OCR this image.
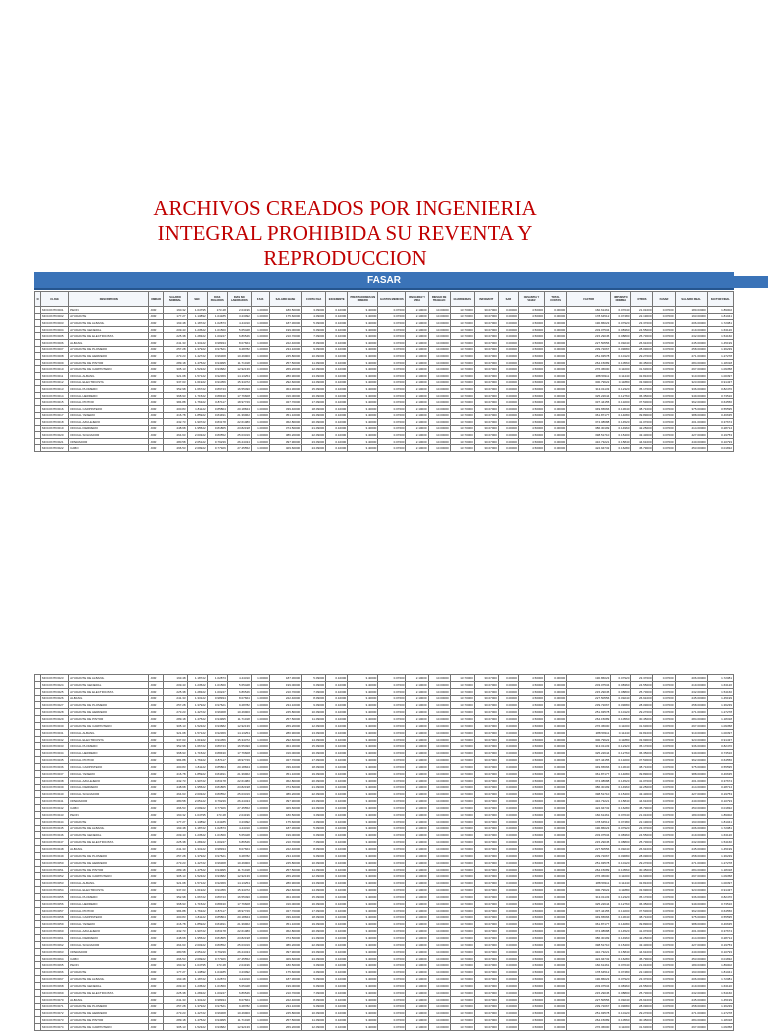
ARCHIVOS CREADOS POR INGENIERIA
INTEGRAL PROHIBIDA SU REVENTA Y
REPRODUCCION
FASAR
N	CLAVE	DESCRIPCION	UNIDAD	SALARIO NOMINAL	SBC	DIAS PAGADOS	DIAS NO LABORADOS	F.S.R.	SALARIO BASE	CUOTA FIJA	EXCEDENTE	PRESTACIONES EN DINERO	GASTOS MEDICOS	INVALIDEZ Y VIDA	RIESGO DE TRABAJO	GUARDERIAS	INFONAVIT	SAR	CESANTIA Y VEJEZ	TOTAL CUOTAS	FACTOR	IMPUESTO NOMINA	OTROS	FASAR	SALARIO REAL	FACTOR FINAL
	MOCONTIO001	PEON	JOR	160.32	1.04795	173.48	2.04196	1.00000	180.50000	3.09000	0.10000	3.40000	0.07000	2.10000	10.00000	13.70000	30.07000	0.00000	4.50000	0.00000	160.61461	0.07040	21.01000	0.07000	180.03000	1.89002
	MOCONTIO002	AYUDANTE	JOR	177.27	1.13892	1.04185	3.23092	1.00000	175.60000	4.09000	0.10000	3.40000	0.07000	2.10000	10.00000	13.70000	30.07000	0.00000	4.50000	0.00000	178.64512	0.07480	22.19000	0.07000	193.00000	1.81041
	MOCONTIO003	AYUDANTE DE ALBANIL	JOR	193.48	1.18722	1.02873	4.44310	1.00000	187.30000	5.09000	0.10000	3.40000	0.07000	2.10000	10.00000	13.70000	30.07000	0.00000	4.50000	0.00000	190.86023	0.07920	23.37000	0.07000	206.00000	1.72081
	MOCONTIO004	AYUDANTE GENERAL	JOR	209.43	1.23522	1.01560	5.65428	1.00000	199.00000	6.09000	0.10000	3.40000	0.07000	2.10000	10.00000	13.70000	30.07000	0.00000	4.50000	0.00000	203.07534	0.08360	24.55000	0.07000	219.00000	1.63120
	MOCONTIO005	AYUDANTE DE ELECTRICISTA	JOR	225.38	1.28322	1.00247	6.86546	1.00000	210.70000	7.09000	0.10000	3.40000	0.07000	2.10000	10.00000	13.70000	30.07000	0.00000	4.50000	0.00000	215.29045	0.08800	25.73000	0.07000	232.00000	1.54160
	MOCONTIO006	ALBANIL	JOR	241.33	1.33122	0.98934	8.07664	1.00000	222.40000	8.09000	0.10000	3.40000	0.07000	2.10000	10.00000	13.70000	30.07000	0.00000	4.50000	0.00000	227.50556	0.09240	26.91000	0.07000	245.00000	1.45199
	MOCONTIO007	AYUDANTE DE PLOMERO	JOR	257.28	1.37922	0.97621	9.28782	1.00000	234.10000	9.09000	0.10000	3.40000	0.07000	2.10000	10.00000	13.70000	30.07000	0.00000	4.50000	0.00000	239.72067	0.09680	28.09000	0.07000	258.00000	1.36239
	MOCONTIO008	AYUDANTE DE HERRERO	JOR	273.23	1.42722	0.96308	10.49900	1.00000	245.80000	10.09000	0.10000	3.40000	0.07000	2.10000	10.00000	13.70000	30.07000	0.00000	4.50000	0.00000	251.93578	0.10120	29.27000	0.07000	271.00000	1.27278
	MOCONTIO009	AYUDANTE DE PINTOR	JOR	289.18	1.47522	0.94995	11.71018	1.00000	257.50000	11.09000	0.10000	3.40000	0.07000	2.10000	10.00000	13.70000	30.07000	0.00000	4.50000	0.00000	264.15089	0.10560	30.45000	0.07000	284.00000	1.18318
	MOCONTIO010	AYUDANTE DE CARPINTERO	JOR	305.13	1.52322	0.93682	12.92136	1.00000	269.20000	12.09000	0.10000	3.40000	0.07000	2.10000	10.00000	13.70000	30.07000	0.00000	4.50000	0.00000	276.36600	0.11000	31.63000	0.07000	297.00000	1.09358
	MOCONTIO011	OFICIAL ALBANIL	JOR	321.08	1.57122	0.92369	14.13254	1.00000	280.90000	13.09000	0.10000	3.40000	0.07000	2.10000	10.00000	13.70000	30.07000	0.00000	4.50000	0.00000	288.58111	0.11440	32.81000	0.07000	310.00000	1.00397
	MOCONTIO012	OFICIAL ELECTRICISTA	JOR	337.03	1.61922	0.91056	15.34372	1.00000	292.60000	14.09000	0.10000	3.40000	0.07000	2.10000	10.00000	13.70000	30.07000	0.00000	4.50000	0.00000	300.79622	0.11880	33.99000	0.07000	323.00000	0.91437
	MOCONTIO013	OFICIAL PLOMERO	JOR	352.98	1.66722	0.89743	16.55490	1.00000	304.30000	15.09000	0.10000	3.40000	0.07000	2.10000	10.00000	13.70000	30.07000	0.00000	4.50000	0.00000	313.01133	0.12320	35.17000	0.07000	336.00000	0.82476
	MOCONTIO014	OFICIAL HERRERO	JOR	368.93	1.71522	0.88430	17.76608	1.00000	316.00000	16.09000	0.10000	3.40000	0.07000	2.10000	10.00000	13.70000	30.07000	0.00000	4.50000	0.00000	325.22644	0.12760	36.35000	0.07000	349.00000	0.73516
	MOCONTIO015	OFICIAL PINTOR	JOR	384.88	1.76322	0.87117	18.97726	1.00000	327.70000	17.09000	0.10000	3.40000	0.07000	2.10000	10.00000	13.70000	30.07000	0.00000	4.50000	0.00000	337.44155	0.13200	37.53000	0.07000	362.00000	0.64556
	MOCONTIO016	OFICIAL CARPINTERO	JOR	400.83	1.81122	0.85804	20.18844	1.00000	339.40000	18.09000	0.10000	3.40000	0.07000	2.10000	10.00000	13.70000	30.07000	0.00000	4.50000	0.00000	349.65666	0.13640	38.71000	0.07000	375.00000	0.55595
	MOCONTIO017	OFICIAL YESERO	JOR	416.78	1.85922	0.84491	21.39962	1.00000	351.10000	19.09000	0.10000	3.40000	0.07000	2.10000	10.00000	13.70000	30.07000	0.00000	4.50000	0.00000	361.87177	0.14080	39.89000	0.07000	388.00000	0.46635
	MOCONTIO018	OFICIAL AZULEJERO	JOR	432.73	1.90722	0.83178	22.61080	1.00000	362.80000	20.09000	0.10000	3.40000	0.07000	2.10000	10.00000	13.70000	30.07000	0.00000	4.50000	0.00000	374.08688	0.14520	41.07000	0.07000	401.00000	0.37674
	MOCONTIO019	OFICIAL FIERRERO	JOR	448.68	1.95522	0.81865	23.82198	1.00000	374.50000	21.09000	0.10000	3.40000	0.07000	2.10000	10.00000	13.70000	30.07000	0.00000	4.50000	0.00000	386.30199	0.14960	42.25000	0.07000	414.00000	0.28714
	MOCONTIO020	OFICIAL SOLDADOR	JOR	464.63	2.00322	0.80552	25.03316	1.00000	386.20000	22.09000	0.10000	3.40000	0.07000	2.10000	10.00000	13.70000	30.07000	0.00000	4.50000	0.00000	398.51710	0.15400	43.43000	0.07000	427.00000	0.19753
	MOCONTIO021	OPERADOR	JOR	480.58	2.05122	0.79239	26.24434	1.00000	397.90000	23.09000	0.10000	3.40000	0.07000	2.10000	10.00000	13.70000	30.07000	0.00000	4.50000	0.00000	410.73221	0.15840	44.61000	0.07000	440.00000	0.10793
	MOCONTIO022	CABO	JOR	496.53	2.09922	0.77926	27.45552	1.00000	409.60000	24.09000	0.10000	3.40000	0.07000	2.10000	10.00000	13.70000	30.07000	0.00000	4.50000	0.00000	422.94732	0.16280	45.79000	0.07000	453.00000	0.01832
	MOCONTIO023	AYUDANTE DE ALBANIL	JOR	193.48	1.18722	1.02873	4.44310	1.00000	187.30000	5.09000	0.10000	3.40000	0.07000	2.10000	10.00000	13.70000	30.07000	0.00000	4.50000	0.00000	190.86023	0.07920	23.37000	0.07000	206.00000	1.72081
	MOCONTIO024	AYUDANTE GENERAL	JOR	209.43	1.23522	1.01560	5.65428	1.00000	199.00000	6.09000	0.10000	3.40000	0.07000	2.10000	10.00000	13.70000	30.07000	0.00000	4.50000	0.00000	203.07534	0.08360	24.55000	0.07000	219.00000	1.63120
	MOCONTIO025	AYUDANTE DE ELECTRICISTA	JOR	225.38	1.28322	1.00247	6.86546	1.00000	210.70000	7.09000	0.10000	3.40000	0.07000	2.10000	10.00000	13.70000	30.07000	0.00000	4.50000	0.00000	215.29045	0.08800	25.73000	0.07000	232.00000	1.54160
	MOCONTIO026	ALBANIL	JOR	241.33	1.33122	0.98934	8.07664	1.00000	222.40000	8.09000	0.10000	3.40000	0.07000	2.10000	10.00000	13.70000	30.07000	0.00000	4.50000	0.00000	227.50556	0.09240	26.91000	0.07000	245.00000	1.45199
	MOCONTIO027	AYUDANTE DE PLOMERO	JOR	257.28	1.37922	0.97621	9.28782	1.00000	234.10000	9.09000	0.10000	3.40000	0.07000	2.10000	10.00000	13.70000	30.07000	0.00000	4.50000	0.00000	239.72067	0.09680	28.09000	0.07000	258.00000	1.36239
	MOCONTIO028	AYUDANTE DE HERRERO	JOR	273.23	1.42722	0.96308	10.49900	1.00000	245.80000	10.09000	0.10000	3.40000	0.07000	2.10000	10.00000	13.70000	30.07000	0.00000	4.50000	0.00000	251.93578	0.10120	29.27000	0.07000	271.00000	1.27278
	MOCONTIO029	AYUDANTE DE PINTOR	JOR	289.18	1.47522	0.94995	11.71018	1.00000	257.50000	11.09000	0.10000	3.40000	0.07000	2.10000	10.00000	13.70000	30.07000	0.00000	4.50000	0.00000	264.15089	0.10560	30.45000	0.07000	284.00000	1.18318
	MOCONTIO030	AYUDANTE DE CARPINTERO	JOR	305.13	1.52322	0.93682	12.92136	1.00000	269.20000	12.09000	0.10000	3.40000	0.07000	2.10000	10.00000	13.70000	30.07000	0.00000	4.50000	0.00000	276.36600	0.11000	31.63000	0.07000	297.00000	1.09358
	MOCONTIO031	OFICIAL ALBANIL	JOR	321.08	1.57122	0.92369	14.13254	1.00000	280.90000	13.09000	0.10000	3.40000	0.07000	2.10000	10.00000	13.70000	30.07000	0.00000	4.50000	0.00000	288.58111	0.11440	32.81000	0.07000	310.00000	1.00397
	MOCONTIO032	OFICIAL ELECTRICISTA	JOR	337.03	1.61922	0.91056	15.34372	1.00000	292.60000	14.09000	0.10000	3.40000	0.07000	2.10000	10.00000	13.70000	30.07000	0.00000	4.50000	0.00000	300.79622	0.11880	33.99000	0.07000	323.00000	0.91437
	MOCONTIO033	OFICIAL PLOMERO	JOR	352.98	1.66722	0.89743	16.55490	1.00000	304.30000	15.09000	0.10000	3.40000	0.07000	2.10000	10.00000	13.70000	30.07000	0.00000	4.50000	0.00000	313.01133	0.12320	35.17000	0.07000	336.00000	0.82476
	MOCONTIO034	OFICIAL HERRERO	JOR	368.93	1.71522	0.88430	17.76608	1.00000	316.00000	16.09000	0.10000	3.40000	0.07000	2.10000	10.00000	13.70000	30.07000	0.00000	4.50000	0.00000	325.22644	0.12760	36.35000	0.07000	349.00000	0.73516
	MOCONTIO035	OFICIAL PINTOR	JOR	384.88	1.76322	0.87117	18.97726	1.00000	327.70000	17.09000	0.10000	3.40000	0.07000	2.10000	10.00000	13.70000	30.07000	0.00000	4.50000	0.00000	337.44155	0.13200	37.53000	0.07000	362.00000	0.64556
	MOCONTIO036	OFICIAL CARPINTERO	JOR	400.83	1.81122	0.85804	20.18844	1.00000	339.40000	18.09000	0.10000	3.40000	0.07000	2.10000	10.00000	13.70000	30.07000	0.00000	4.50000	0.00000	349.65666	0.13640	38.71000	0.07000	375.00000	0.55595
	MOCONTIO037	OFICIAL YESERO	JOR	416.78	1.85922	0.84491	21.39962	1.00000	351.10000	19.09000	0.10000	3.40000	0.07000	2.10000	10.00000	13.70000	30.07000	0.00000	4.50000	0.00000	361.87177	0.14080	39.89000	0.07000	388.00000	0.46635
	MOCONTIO038	OFICIAL AZULEJERO	JOR	432.73	1.90722	0.83178	22.61080	1.00000	362.80000	20.09000	0.10000	3.40000	0.07000	2.10000	10.00000	13.70000	30.07000	0.00000	4.50000	0.00000	374.08688	0.14520	41.07000	0.07000	401.00000	0.37674
	MOCONTIO039	OFICIAL FIERRERO	JOR	448.68	1.95522	0.81865	23.82198	1.00000	374.50000	21.09000	0.10000	3.40000	0.07000	2.10000	10.00000	13.70000	30.07000	0.00000	4.50000	0.00000	386.30199	0.14960	42.25000	0.07000	414.00000	0.28714
	MOCONTIO040	OFICIAL SOLDADOR	JOR	464.63	2.00322	0.80552	25.03316	1.00000	386.20000	22.09000	0.10000	3.40000	0.07000	2.10000	10.00000	13.70000	30.07000	0.00000	4.50000	0.00000	398.51710	0.15400	43.43000	0.07000	427.00000	0.19753
	MOCONTIO041	OPERADOR	JOR	480.58	2.05122	0.79239	26.24434	1.00000	397.90000	23.09000	0.10000	3.40000	0.07000	2.10000	10.00000	13.70000	30.07000	0.00000	4.50000	0.00000	410.73221	0.15840	44.61000	0.07000	440.00000	0.10793
	MOCONTIO042	CABO	JOR	496.53	2.09922	0.77926	27.45552	1.00000	409.60000	24.09000	0.10000	3.40000	0.07000	2.10000	10.00000	13.70000	30.07000	0.00000	4.50000	0.00000	422.94732	0.16280	45.79000	0.07000	453.00000	0.01832
	MOCONTIO043	PEON	JOR	160.32	1.04795	173.48	2.04196	1.00000	180.50000	3.09000	0.10000	3.40000	0.07000	2.10000	10.00000	13.70000	30.07000	0.00000	4.50000	0.00000	160.61461	0.07040	21.01000	0.07000	180.03000	1.89002
	MOCONTIO044	AYUDANTE	JOR	177.27	1.13892	1.04185	3.23092	1.00000	175.60000	4.09000	0.10000	3.40000	0.07000	2.10000	10.00000	13.70000	30.07000	0.00000	4.50000	0.00000	178.64512	0.07480	22.19000	0.07000	193.00000	1.81041
	MOCONTIO045	AYUDANTE DE ALBANIL	JOR	193.48	1.18722	1.02873	4.44310	1.00000	187.30000	5.09000	0.10000	3.40000	0.07000	2.10000	10.00000	13.70000	30.07000	0.00000	4.50000	0.00000	190.86023	0.07920	23.37000	0.07000	206.00000	1.72081
	MOCONTIO046	AYUDANTE GENERAL	JOR	209.43	1.23522	1.01560	5.65428	1.00000	199.00000	6.09000	0.10000	3.40000	0.07000	2.10000	10.00000	13.70000	30.07000	0.00000	4.50000	0.00000	203.07534	0.08360	24.55000	0.07000	219.00000	1.63120
	MOCONTIO047	AYUDANTE DE ELECTRICISTA	JOR	225.38	1.28322	1.00247	6.86546	1.00000	210.70000	7.09000	0.10000	3.40000	0.07000	2.10000	10.00000	13.70000	30.07000	0.00000	4.50000	0.00000	215.29045	0.08800	25.73000	0.07000	232.00000	1.54160
	MOCONTIO048	ALBANIL	JOR	241.33	1.33122	0.98934	8.07664	1.00000	222.40000	8.09000	0.10000	3.40000	0.07000	2.10000	10.00000	13.70000	30.07000	0.00000	4.50000	0.00000	227.50556	0.09240	26.91000	0.07000	245.00000	1.45199
	MOCONTIO049	AYUDANTE DE PLOMERO	JOR	257.28	1.37922	0.97621	9.28782	1.00000	234.10000	9.09000	0.10000	3.40000	0.07000	2.10000	10.00000	13.70000	30.07000	0.00000	4.50000	0.00000	239.72067	0.09680	28.09000	0.07000	258.00000	1.36239
	MOCONTIO050	AYUDANTE DE HERRERO	JOR	273.23	1.42722	0.96308	10.49900	1.00000	245.80000	10.09000	0.10000	3.40000	0.07000	2.10000	10.00000	13.70000	30.07000	0.00000	4.50000	0.00000	251.93578	0.10120	29.27000	0.07000	271.00000	1.27278
	MOCONTIO051	AYUDANTE DE PINTOR	JOR	289.18	1.47522	0.94995	11.71018	1.00000	257.50000	11.09000	0.10000	3.40000	0.07000	2.10000	10.00000	13.70000	30.07000	0.00000	4.50000	0.00000	264.15089	0.10560	30.45000	0.07000	284.00000	1.18318
	MOCONTIO052	AYUDANTE DE CARPINTERO	JOR	305.13	1.52322	0.93682	12.92136	1.00000	269.20000	12.09000	0.10000	3.40000	0.07000	2.10000	10.00000	13.70000	30.07000	0.00000	4.50000	0.00000	276.36600	0.11000	31.63000	0.07000	297.00000	1.09358
	MOCONTIO053	OFICIAL ALBANIL	JOR	321.08	1.57122	0.92369	14.13254	1.00000	280.90000	13.09000	0.10000	3.40000	0.07000	2.10000	10.00000	13.70000	30.07000	0.00000	4.50000	0.00000	288.58111	0.11440	32.81000	0.07000	310.00000	1.00397
	MOCONTIO054	OFICIAL ELECTRICISTA	JOR	337.03	1.61922	0.91056	15.34372	1.00000	292.60000	14.09000	0.10000	3.40000	0.07000	2.10000	10.00000	13.70000	30.07000	0.00000	4.50000	0.00000	300.79622	0.11880	33.99000	0.07000	323.00000	0.91437
	MOCONTIO055	OFICIAL PLOMERO	JOR	352.98	1.66722	0.89743	16.55490	1.00000	304.30000	15.09000	0.10000	3.40000	0.07000	2.10000	10.00000	13.70000	30.07000	0.00000	4.50000	0.00000	313.01133	0.12320	35.17000	0.07000	336.00000	0.82476
	MOCONTIO056	OFICIAL HERRERO	JOR	368.93	1.71522	0.88430	17.76608	1.00000	316.00000	16.09000	0.10000	3.40000	0.07000	2.10000	10.00000	13.70000	30.07000	0.00000	4.50000	0.00000	325.22644	0.12760	36.35000	0.07000	349.00000	0.73516
	MOCONTIO057	OFICIAL PINTOR	JOR	384.88	1.76322	0.87117	18.97726	1.00000	327.70000	17.09000	0.10000	3.40000	0.07000	2.10000	10.00000	13.70000	30.07000	0.00000	4.50000	0.00000	337.44155	0.13200	37.53000	0.07000	362.00000	0.64556
	MOCONTIO058	OFICIAL CARPINTERO	JOR	400.83	1.81122	0.85804	20.18844	1.00000	339.40000	18.09000	0.10000	3.40000	0.07000	2.10000	10.00000	13.70000	30.07000	0.00000	4.50000	0.00000	349.65666	0.13640	38.71000	0.07000	375.00000	0.55595
	MOCONTIO059	OFICIAL YESERO	JOR	416.78	1.85922	0.84491	21.39962	1.00000	351.10000	19.09000	0.10000	3.40000	0.07000	2.10000	10.00000	13.70000	30.07000	0.00000	4.50000	0.00000	361.87177	0.14080	39.89000	0.07000	388.00000	0.46635
	MOCONTIO060	OFICIAL AZULEJERO	JOR	432.73	1.90722	0.83178	22.61080	1.00000	362.80000	20.09000	0.10000	3.40000	0.07000	2.10000	10.00000	13.70000	30.07000	0.00000	4.50000	0.00000	374.08688	0.14520	41.07000	0.07000	401.00000	0.37674
	MOCONTIO061	OFICIAL FIERRERO	JOR	448.68	1.95522	0.81865	23.82198	1.00000	374.50000	21.09000	0.10000	3.40000	0.07000	2.10000	10.00000	13.70000	30.07000	0.00000	4.50000	0.00000	386.30199	0.14960	42.25000	0.07000	414.00000	0.28714
	MOCONTIO062	OFICIAL SOLDADOR	JOR	464.63	2.00322	0.80552	25.03316	1.00000	386.20000	22.09000	0.10000	3.40000	0.07000	2.10000	10.00000	13.70000	30.07000	0.00000	4.50000	0.00000	398.51710	0.15400	43.43000	0.07000	427.00000	0.19753
	MOCONTIO063	OPERADOR	JOR	480.58	2.05122	0.79239	26.24434	1.00000	397.90000	23.09000	0.10000	3.40000	0.07000	2.10000	10.00000	13.70000	30.07000	0.00000	4.50000	0.00000	410.73221	0.15840	44.61000	0.07000	440.00000	0.10793
	MOCONTIO064	CABO	JOR	496.53	2.09922	0.77926	27.45552	1.00000	409.60000	24.09000	0.10000	3.40000	0.07000	2.10000	10.00000	13.70000	30.07000	0.00000	4.50000	0.00000	422.94732	0.16280	45.79000	0.07000	453.00000	0.01832
	MOCONTIO065	PEON	JOR	160.32	1.04795	173.48	2.04196	1.00000	180.50000	3.09000	0.10000	3.40000	0.07000	2.10000	10.00000	13.70000	30.07000	0.00000	4.50000	0.00000	160.61461	0.07040	21.01000	0.07000	180.03000	1.89002
	MOCONTIO066	AYUDANTE	JOR	177.27	1.13892	1.04185	3.23092	1.00000	175.60000	4.09000	0.10000	3.40000	0.07000	2.10000	10.00000	13.70000	30.07000	0.00000	4.50000	0.00000	178.64512	0.07480	22.19000	0.07000	193.00000	1.81041
	MOCONTIO067	AYUDANTE DE ALBANIL	JOR	193.48	1.18722	1.02873	4.44310	1.00000	187.30000	5.09000	0.10000	3.40000	0.07000	2.10000	10.00000	13.70000	30.07000	0.00000	4.50000	0.00000	190.86023	0.07920	23.37000	0.07000	206.00000	1.72081
	MOCONTIO068	AYUDANTE GENERAL	JOR	209.43	1.23522	1.01560	5.65428	1.00000	199.00000	6.09000	0.10000	3.40000	0.07000	2.10000	10.00000	13.70000	30.07000	0.00000	4.50000	0.00000	203.07534	0.08360	24.55000	0.07000	219.00000	1.63120
	MOCONTIO069	AYUDANTE DE ELECTRICISTA	JOR	225.38	1.28322	1.00247	6.86546	1.00000	210.70000	7.09000	0.10000	3.40000	0.07000	2.10000	10.00000	13.70000	30.07000	0.00000	4.50000	0.00000	215.29045	0.08800	25.73000	0.07000	232.00000	1.54160
	MOCONTIO070	ALBANIL	JOR	241.33	1.33122	0.98934	8.07664	1.00000	222.40000	8.09000	0.10000	3.40000	0.07000	2.10000	10.00000	13.70000	30.07000	0.00000	4.50000	0.00000	227.50556	0.09240	26.91000	0.07000	245.00000	1.45199
	MOCONTIO071	AYUDANTE DE PLOMERO	JOR	257.28	1.37922	0.97621	9.28782	1.00000	234.10000	9.09000	0.10000	3.40000	0.07000	2.10000	10.00000	13.70000	30.07000	0.00000	4.50000	0.00000	239.72067	0.09680	28.09000	0.07000	258.00000	1.36239
	MOCONTIO072	AYUDANTE DE HERRERO	JOR	273.23	1.42722	0.96308	10.49900	1.00000	245.80000	10.09000	0.10000	3.40000	0.07000	2.10000	10.00000	13.70000	30.07000	0.00000	4.50000	0.00000	251.93578	0.10120	29.27000	0.07000	271.00000	1.27278
	MOCONTIO073	AYUDANTE DE PINTOR	JOR	289.18	1.47522	0.94995	11.71018	1.00000	257.50000	11.09000	0.10000	3.40000	0.07000	2.10000	10.00000	13.70000	30.07000	0.00000	4.50000	0.00000	264.15089	0.10560	30.45000	0.07000	284.00000	1.18318
	MOCONTIO074	AYUDANTE DE CARPINTERO	JOR	305.13	1.52322	0.93682	12.92136	1.00000	269.20000	12.09000	0.10000	3.40000	0.07000	2.10000	10.00000	13.70000	30.07000	0.00000	4.50000	0.00000	276.36600	0.11000	31.63000	0.07000	297.00000	1.09358
